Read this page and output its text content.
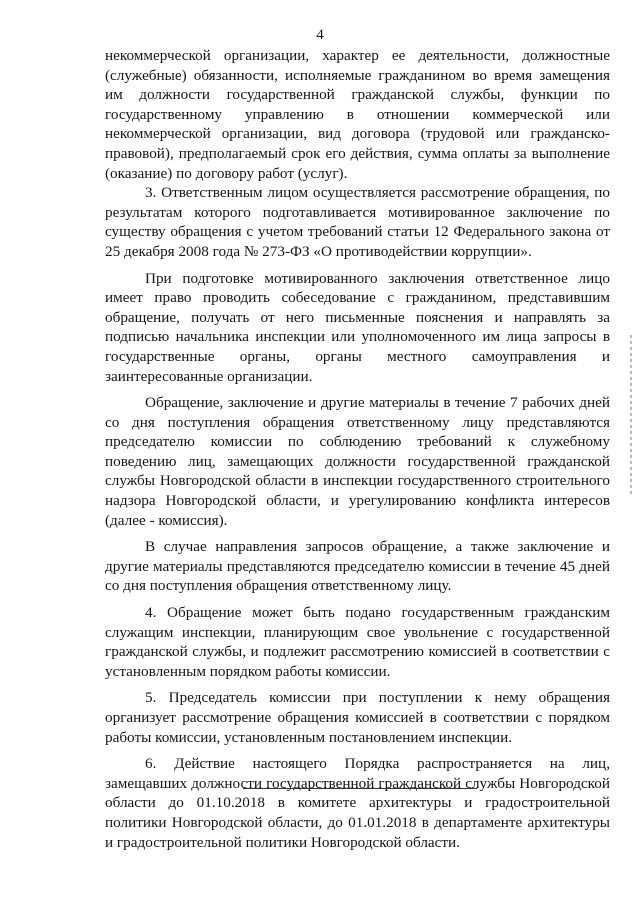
4

некоммерческой организации, характер ее деятельности, должностные (служебные) обязанности, исполняемые гражданином во время замещения им должности государственной гражданской службы, функции по государственному управлению в отношении коммерческой или некоммерческой организации, вид договора (трудовой или гражданско-правовой), предполагаемый срок его действия, сумма оплаты за выполнение (оказание) по договору работ (услуг).

3. Ответственным лицом осуществляется рассмотрение обращения, по результатам которого подготавливается мотивированное заключение по существу обращения с учетом требований статьи 12 Федерального закона от 25 декабря 2008 года № 273-ФЗ «О противодействии коррупции».

При подготовке мотивированного заключения ответственное лицо имеет право проводить собеседование с гражданином, представившим обращение, получать от него письменные пояснения и направлять за подписью начальника инспекции или уполномоченного им лица запросы в государственные органы, органы местного самоуправления и заинтересованные организации.

Обращение, заключение и другие материалы в течение 7 рабочих дней со дня поступления обращения ответственному лицу представляются председателю комиссии по соблюдению требований к служебному поведению лиц, замещающих должности государственной гражданской службы Новгородской области в инспекции государственного строительного надзора Новгородской области, и урегулированию конфликта интересов (далее - комиссия).

В случае направления запросов обращение, а также заключение и другие материалы представляются председателю комиссии в течение 45 дней со дня поступления обращения ответственному лицу.

4. Обращение может быть подано государственным гражданским служащим инспекции, планирующим свое увольнение с государственной гражданской службы, и подлежит рассмотрению комиссией в соответствии с установленным порядком работы комиссии.

5. Председатель комиссии при поступлении к нему обращения организует рассмотрение обращения комиссией в соответствии с порядком работы комиссии, установленным постановлением инспекции.

6. Действие настоящего Порядка распространяется на лиц, замещавших должности государственной гражданской службы Новгородской области до 01.10.2018 в комитете архитектуры и градостроительной политики Новгородской области, до 01.01.2018 в департаменте архитектуры и градостроительной политики Новгородской области.
